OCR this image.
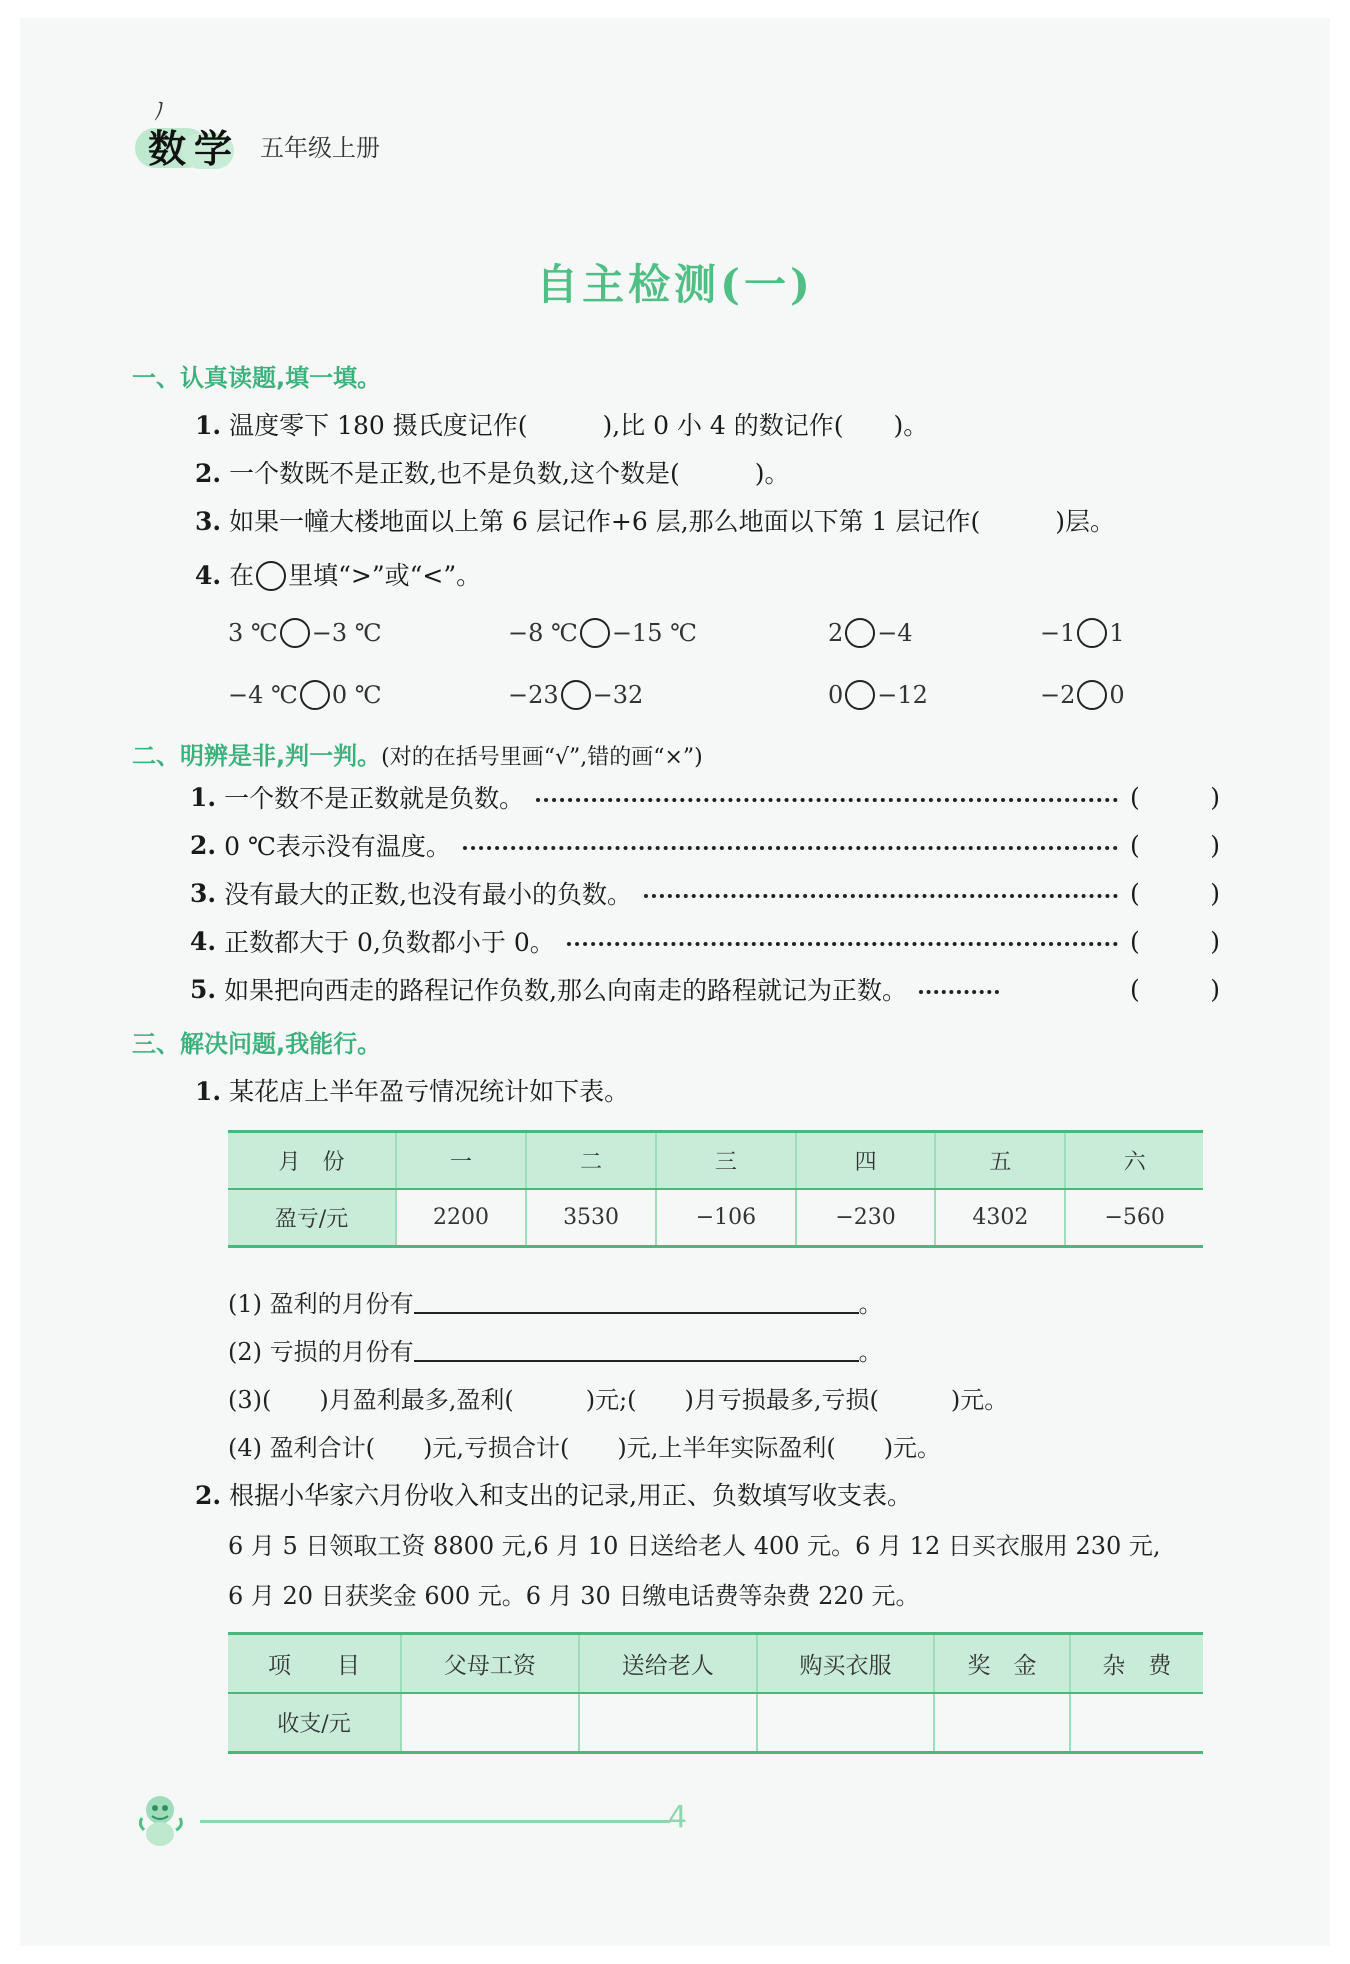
ノ
数学 五年级上册
自主检测(一)
一、认真读题,填一填。
1. 温度零下 180 摄氏度记作(　　　),比 0 小 4 的数记作(　　)。
2. 一个数既不是正数,也不是负数,这个数是(　　　)。
3. 如果一幢大楼地面以上第 6 层记作+6 层,那么地面以下第 1 层记作(　　　)层。
4. 在 里填“>”或“<”。
3 ℃ −3 ℃	−8 ℃ −15 ℃	2 −4	−1 1
−4 ℃ 0 ℃	−23 −32	0 −12	−2 0
二、明辨是非,判一判。(对的在括号里画“√”,错的画“×”)
1. 一个数不是正数就是负数。	(	)
2. 0 ℃表示没有温度。	(	)
3. 没有最大的正数,也没有最小的负数。	(	)
4. 正数都大于 0,负数都小于 0。	(	)
5. 如果把向西走的路程记作负数,那么向南走的路程就记为正数。	(	)
三、解决问题,我能行。
1. 某花店上半年盈亏情况统计如下表。
月　份	一	二	三	四	五	六
盈亏/元	2200	3530	−106	−230	4302	−560
(1) 盈利的月份有	。
(2) 亏损的月份有	。
(3)(　　)月盈利最多,盈利(　　　)元;(　　)月亏损最多,亏损(　　　)元。
(4) 盈利合计(　　)元,亏损合计(　　)元,上半年实际盈利(　　)元。
2. 根据小华家六月份收入和支出的记录,用正、负数填写收支表。
6 月 5 日领取工资 8800 元,6 月 10 日送给老人 400 元。6 月 12 日买衣服用 230 元,
6 月 20 日获奖金 600 元。6 月 30 日缴电话费等杂费 220 元。
项　　目	父母工资	送给老人	购买衣服	奖　金	杂　费
收支/元					
4
